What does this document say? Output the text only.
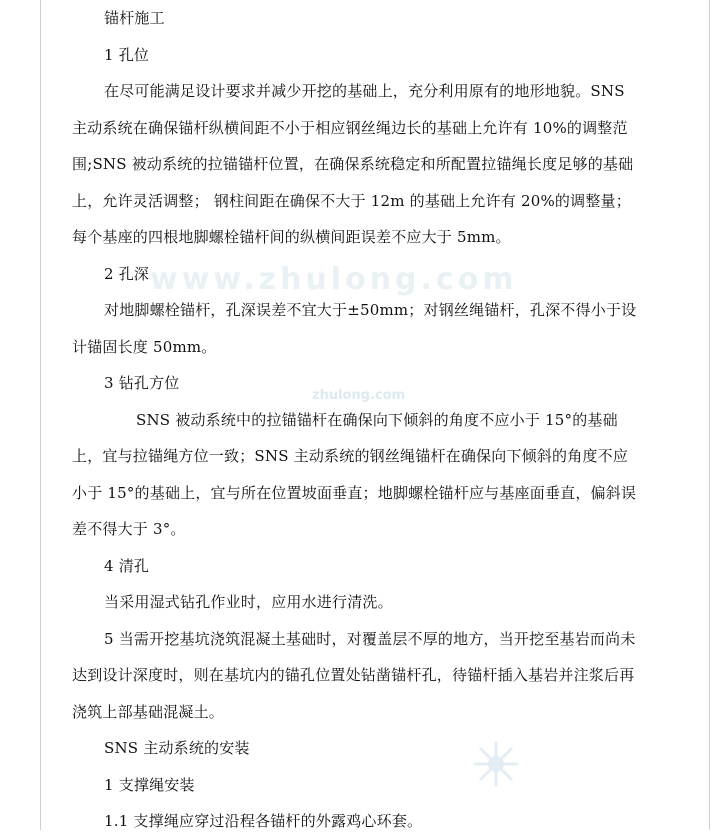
www.zhulong.com
zhulong.com

锚杆施工

1 孔位

在尽可能满足设计要求并减少开挖的基础上，充分利用原有的地形地貌。SNS主动系统在确保锚杆纵横间距不小于相应钢丝绳边长的基础上允许有 10%的调整范围;SNS 被动系统的拉锚锚杆位置，在确保系统稳定和所配置拉锚绳长度足够的基础上，允许灵活调整； 钢柱间距在确保不大于 12m 的基础上允许有 20%的调整量； 每个基座的四根地脚螺栓锚杆间的纵横间距误差不应大于 5mm。

2 孔深

对地脚螺栓锚杆，孔深误差不宜大于±50mm；对钢丝绳锚杆，孔深不得小于设计锚固长度 50mm。

3 钻孔方位

SNS 被动系统中的拉锚锚杆在确保向下倾斜的角度不应小于 15°的基础上，宜与拉锚绳方位一致；SNS 主动系统的钢丝绳锚杆在确保向下倾斜的角度不应小于 15°的基础上，宜与所在位置坡面垂直；地脚螺栓锚杆应与基座面垂直，偏斜误差不得大于 3°。

4 清孔

当采用湿式钻孔作业时，应用水进行清洗。

5 当需开挖基坑浇筑混凝土基础时，对覆盖层不厚的地方，当开挖至基岩而尚未达到设计深度时，则在基坑内的锚孔位置处钻凿锚杆孔，待锚杆插入基岩并注浆后再浇筑上部基础混凝土。

SNS 主动系统的安装

1 支撑绳安装

1.1 支撑绳应穿过沿程各锚杆的外露鸡心环套。
